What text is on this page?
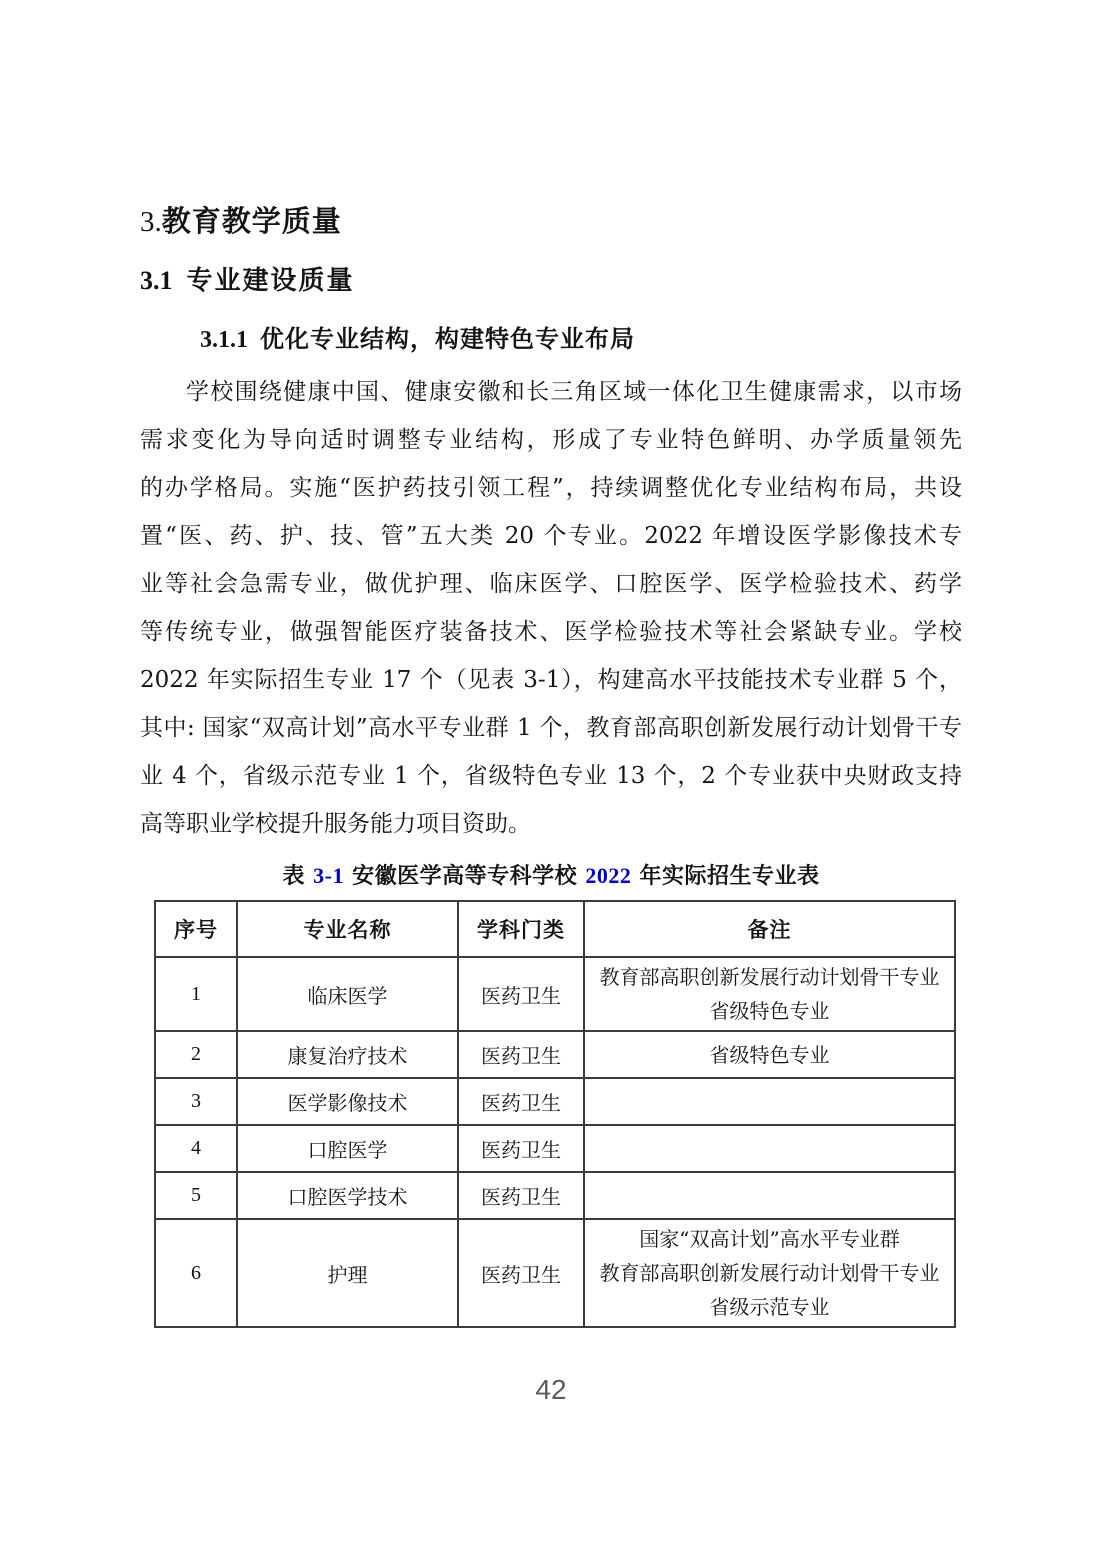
3.教育教学质量
3.1 专业建设质量
3.1.1 优化专业结构，构建特色专业布局
学校围绕健康中国、健康安徽和长三角区域一体化卫生健康需求，以市场
需求变化为导向适时调整专业结构，形成了专业特色鲜明、办学质量领先
的办学格局。实施“医护药技引领工程”，持续调整优化专业结构布局，共设
置“医、药、护、技、管”五大类 20 个专业。2022 年增设医学影像技术专
业等社会急需专业，做优护理、临床医学、口腔医学、医学检验技术、药学
等传统专业，做强智能医疗装备技术、医学检验技术等社会紧缺专业。学校
2022 年实际招生专业 17 个（见表 3-1），构建高水平技能技术专业群 5 个，
其中: 国家“双高计划”高水平专业群 1 个，教育部高职创新发展行动计划骨干专
业 4 个，省级示范专业 1 个，省级特色专业 13 个，2 个专业获中央财政支持
高等职业学校提升服务能力项目资助。
表 3-1 安徽医学高等专科学校 2022 年实际招生专业表
序号	专业名称	学科门类	备注
1	临床医学	医药卫生	教育部高职创新发展行动计划骨干专业
省级特色专业

2	康复治疗技术	医药卫生	省级特色专业

3	医学影像技术	医药卫生	
4	口腔医学	医药卫生	
5	口腔医学技术	医药卫生	
6	护理	医药卫生	国家“双高计划”高水平专业群
教育部高职创新发展行动计划骨干专业
省级示范专业
42
